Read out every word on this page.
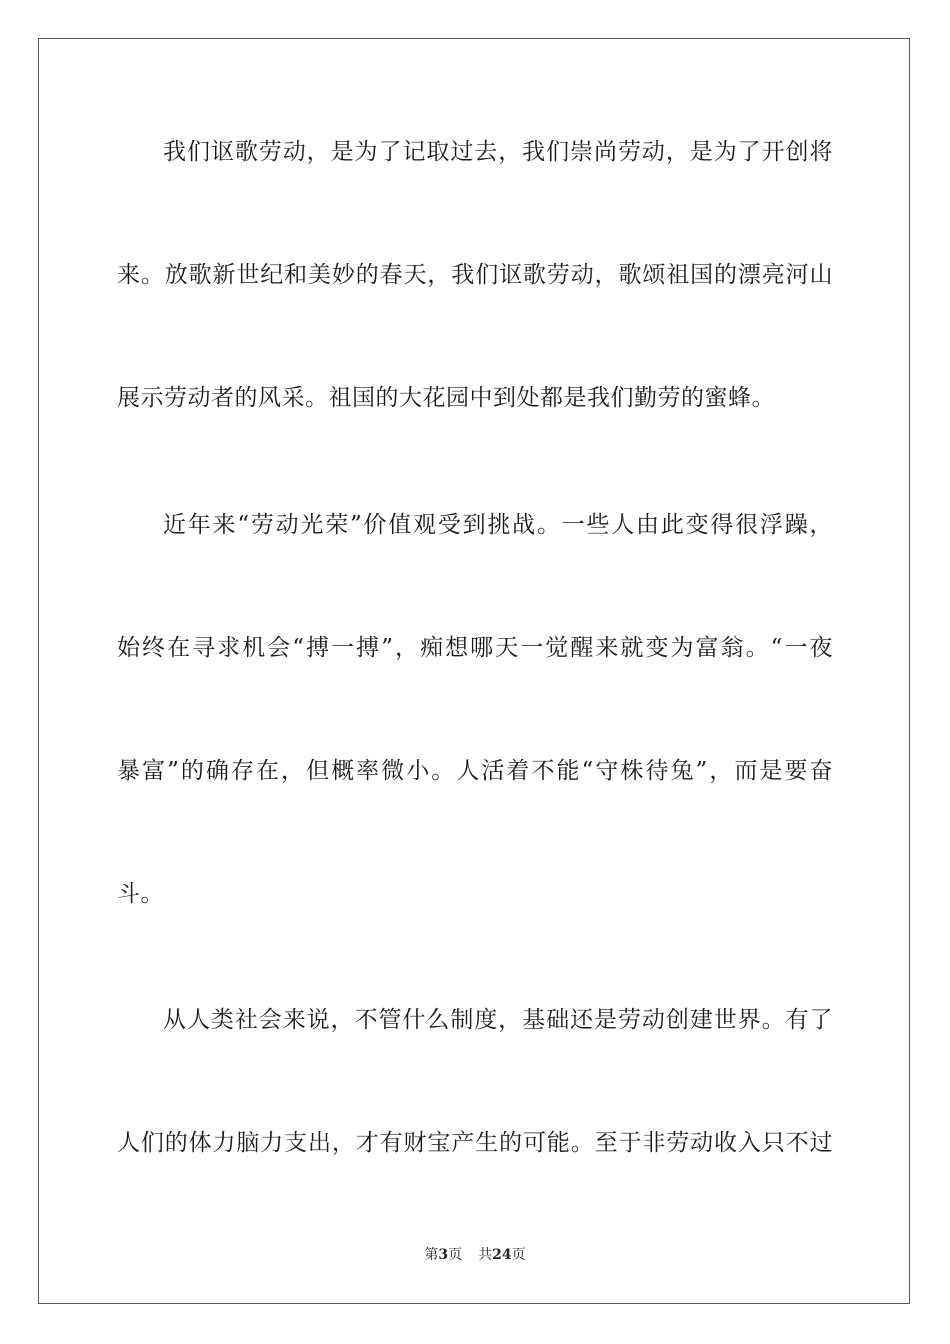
我们讴歌劳动，是为了记取过去，我们崇尚劳动，是为了开创将
来。放歌新世纪和美妙的春天，我们讴歌劳动，歌颂祖国的漂亮河山
展示劳动者的风采。祖国的大花园中到处都是我们勤劳的蜜蜂。
近年来“劳动光荣”价值观受到挑战。一些人由此变得很浮躁，
始终在寻求机会“搏一搏”，痴想哪天一觉醒来就变为富翁。“一夜
暴富”的确存在，但概率微小。人活着不能“守株待兔”，而是要奋
斗。
从人类社会来说，不管什么制度，基础还是劳动创建世界。有了
人们的体力脑力支出，才有财宝产生的可能。至于非劳动收入只不过
第3页 共24页
